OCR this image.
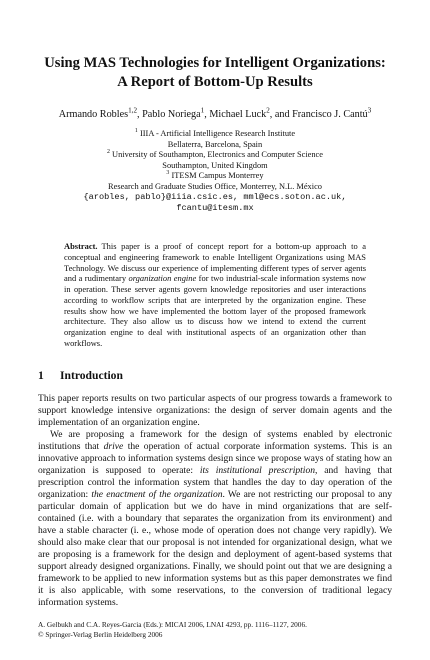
Using MAS Technologies for Intelligent Organizations:
A Report of Bottom-Up Results
Armando Robles$^{1,2}$, Pablo Noriega$^1$, Michael Luck$^2$, and Francisco J. Cantú$^3$
$^1$ IIIA - Artificial Intelligence Research Institute
Bellaterra, Barcelona, Spain
$^2$ University of Southampton, Electronics and Computer Science
Southampton, United Kingdom
$^3$ ITESM Campus Monterrey
Research and Graduate Studies Office, Monterrey, N.L. México
{arobles, pablo}@iiia.csic.es, mml@ecs.soton.ac.uk,
fcantu@itesm.mx
Abstract. This paper is a proof of concept report for a bottom-up approach to a conceptual and engineering framework to enable Intelligent Organizations using MAS Technology. We discuss our experience of implementing different types of server agents and a rudimentary organization engine for two industrial-scale information systems now in operation. These server agents govern knowledge repositories and user interactions according to workflow scripts that are interpreted by the organization engine. These results show how we have implemented the bottom layer of the proposed framework architecture. They also allow us to discuss how we intend to extend the current organization engine to deal with institutional aspects of an organization other than workflows.
1 Introduction

This paper reports results on two particular aspects of our progress towards a framework to support knowledge intensive organizations: the design of server domain agents and the implementation of an organization engine.

We are proposing a framework for the design of systems enabled by electronic institutions that drive the operation of actual corporate information systems. This is an innovative approach to information systems design since we propose ways of stating how an organization is supposed to operate: its institutional prescription, and having that prescription control the information system that handles the day to day operation of the organization: the enactment of the organization. We are not restricting our proposal to any particular domain of application but we do have in mind organizations that are self-contained (i.e. with a boundary that separates the organization from its environment) and have a stable character (i. e., whose mode of operation does not change very rapidly). We should also make clear that our proposal is not intended for organizational design, what we are proposing is a framework for the design and deployment of agent-based systems that support already designed organizations. Finally, we should point out that we are designing a framework to be applied to new information systems but as this paper demonstrates we find it is also applicable, with some reservations, to the conversion of traditional legacy information systems.

A. Gelbukh and C.A. Reyes-Garcia (Eds.): MICAI 2006, LNAI 4293, pp. 1116–1127, 2006.
© Springer-Verlag Berlin Heidelberg 2006
